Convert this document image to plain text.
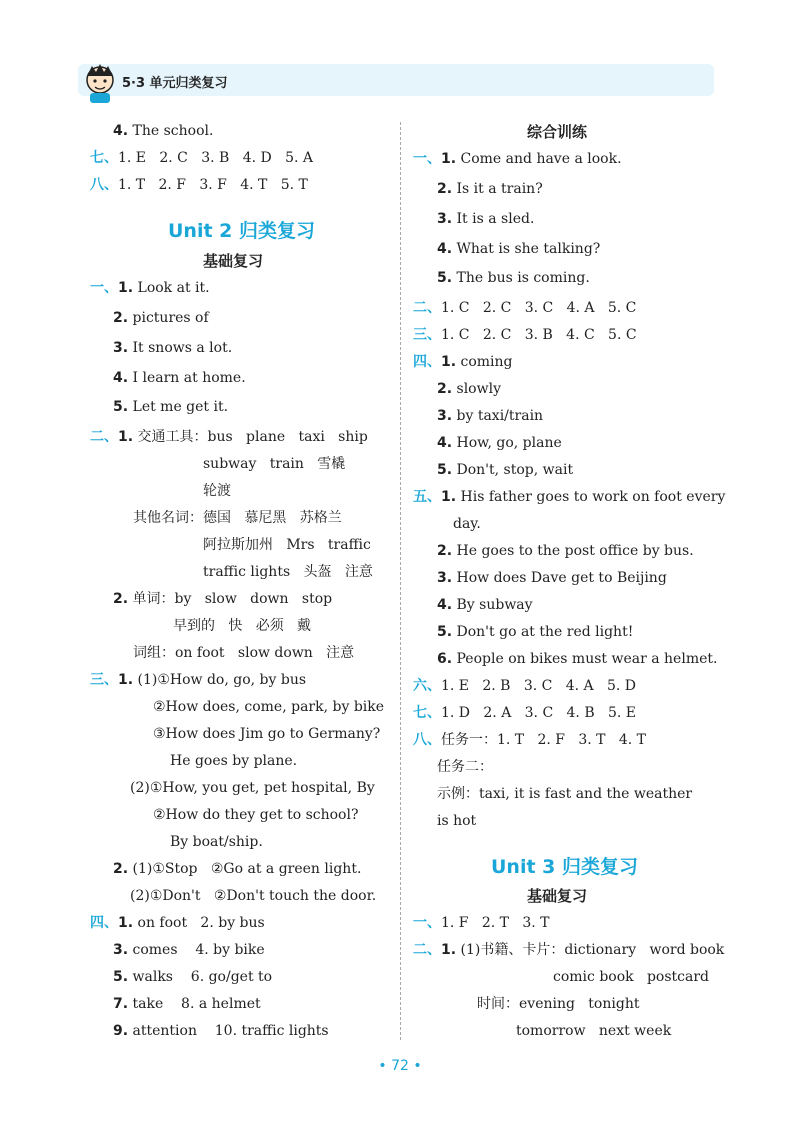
5·3 单元归类复习
Unit 2 归类复习
基础复习
综合训练
Unit 3 归类复习
基础复习
4. The school.
七、1. E   2. C   3. B   4. D   5. A
八、1. T   2. F   3. F   4. T   5. T
一、1. Look at it.
2. pictures of
3. It snows a lot.
4. I learn at home.
5. Let me get it.
二、1. 交通工具：bus   plane   taxi   ship
subway   train   雪橇
轮渡
其他名词：德国   慕尼黑   苏格兰
阿拉斯加州   Mrs   traffic
traffic lights   头盔   注意
2. 单词：by   slow   down   stop
早到的   快   必须   戴
词组：on foot   slow down   注意
三、1. (1)①How do, go, by bus
②How does, come, park, by bike
③How does Jim go to Germany?
He goes by plane.
(2)①How, you get, pet hospital, By
②How do they get to school?
By boat/ship.
2. (1)①Stop   ②Go at a green light.
(2)①Don't   ②Don't touch the door.
四、1. on foot   2. by bus
3. comes    4. by bike
5. walks    6. go/get to
7. take    8. a helmet
9. attention    10. traffic lights
一、1. Come and have a look.
2. Is it a train?
3. It is a sled.
4. What is she talking?
5. The bus is coming.
二、1. C   2. C   3. C   4. A   5. C
三、1. C   2. C   3. B   4. C   5. C
四、1. coming
2. slowly
3. by taxi/train
4. How, go, plane
5. Don't, stop, wait
五、1. His father goes to work on foot every
day.
2. He goes to the post office by bus.
3. How does Dave get to Beijing
4. By subway
5. Don't go at the red light!
6. People on bikes must wear a helmet.
六、1. E   2. B   3. C   4. A   5. D
七、1. D   2. A   3. C   4. B   5. E
八、任务一：1. T   2. F   3. T   4. T
任务二：
示例：taxi, it is fast and the weather
is hot
一、1. F   2. T   3. T
二、1. (1)书籍、卡片：dictionary   word book
comic book   postcard
时间：evening   tonight
tomorrow   next week
• 72 •
